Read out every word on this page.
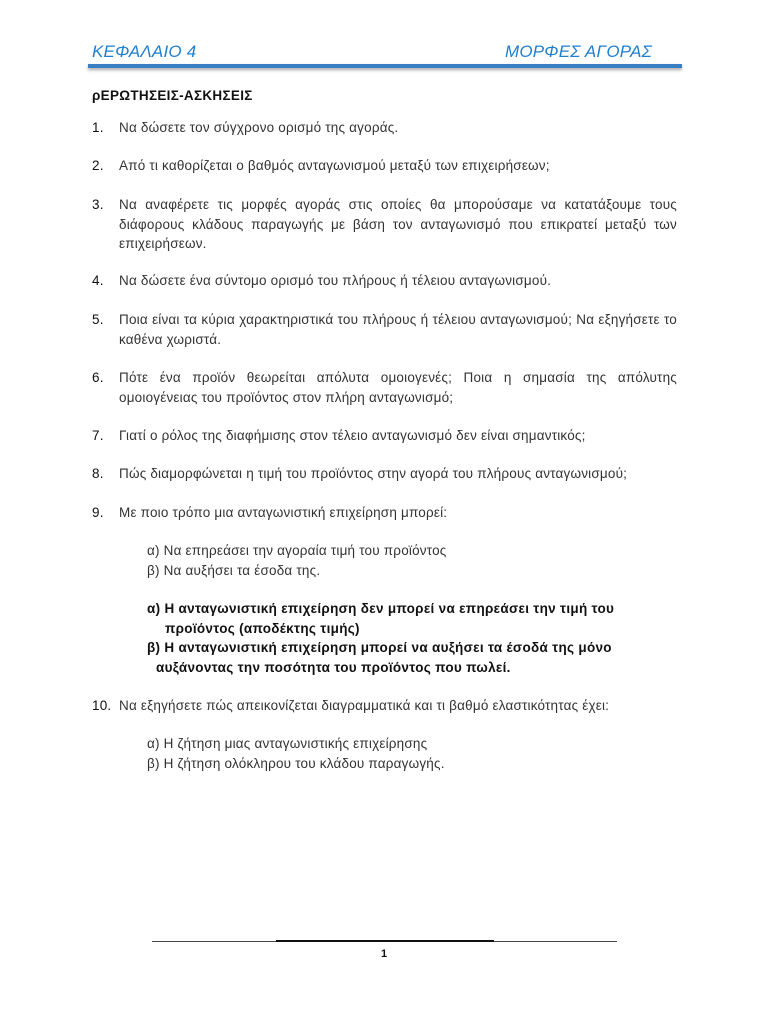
ΚΕΦΑΛΑΙΟ 4	ΜΟΡΦΕΣ ΑΓΟΡΑΣ
ρΕΡΩΤΗΣΕΙΣ-ΑΣΚΗΣΕΙΣ
1. Να δώσετε τον σύγχρονο ορισμό της αγοράς.
2. Από τι καθορίζεται ο βαθμός ανταγωνισμού μεταξύ των επιχειρήσεων;
3. Να αναφέρετε τις μορφές αγοράς στις οποίες θα μπορούσαμε να κατατάξουμε τους διάφορους κλάδους παραγωγής με βάση τον ανταγωνισμό που επικρατεί μεταξύ των επιχειρήσεων.
4. Να δώσετε ένα σύντομο ορισμό του πλήρους ή τέλειου ανταγωνισμού.
5. Ποια είναι τα κύρια χαρακτηριστικά του πλήρους ή τέλειου ανταγωνισμού; Να εξηγήσετε το καθένα χωριστά.
6. Πότε ένα προϊόν θεωρείται απόλυτα ομοιογενές; Ποια η σημασία της απόλυτης ομοιογένειας του προϊόντος στον πλήρη ανταγωνισμό;
7. Γιατί ο ρόλος της διαφήμισης στον τέλειο ανταγωνισμό δεν είναι σημαντικός;
8. Πώς διαμορφώνεται η τιμή του προϊόντος στην αγορά του πλήρους ανταγωνισμού;
9. Με ποιο τρόπο μια ανταγωνιστική επιχείρηση μπορεί:
α) Να επηρεάσει την αγοραία τιμή του προϊόντος
β) Να αυξήσει τα έσοδα της.
α) Η ανταγωνιστική επιχείρηση δεν μπορεί να επηρεάσει την τιμή του
προϊόντος (αποδέκτης τιμής)
β) Η ανταγωνιστική επιχείρηση μπορεί να αυξήσει τα έσοδά της μόνο
αυξάνοντας την ποσότητα του προϊόντος που πωλεί.
10. Να εξηγήσετε πώς απεικονίζεται διαγραμματικά και τι βαθμό ελαστικότητας έχει:
α) Η ζήτηση μιας ανταγωνιστικής επιχείρησης
β) Η ζήτηση ολόκληρου του κλάδου παραγωγής.
1
